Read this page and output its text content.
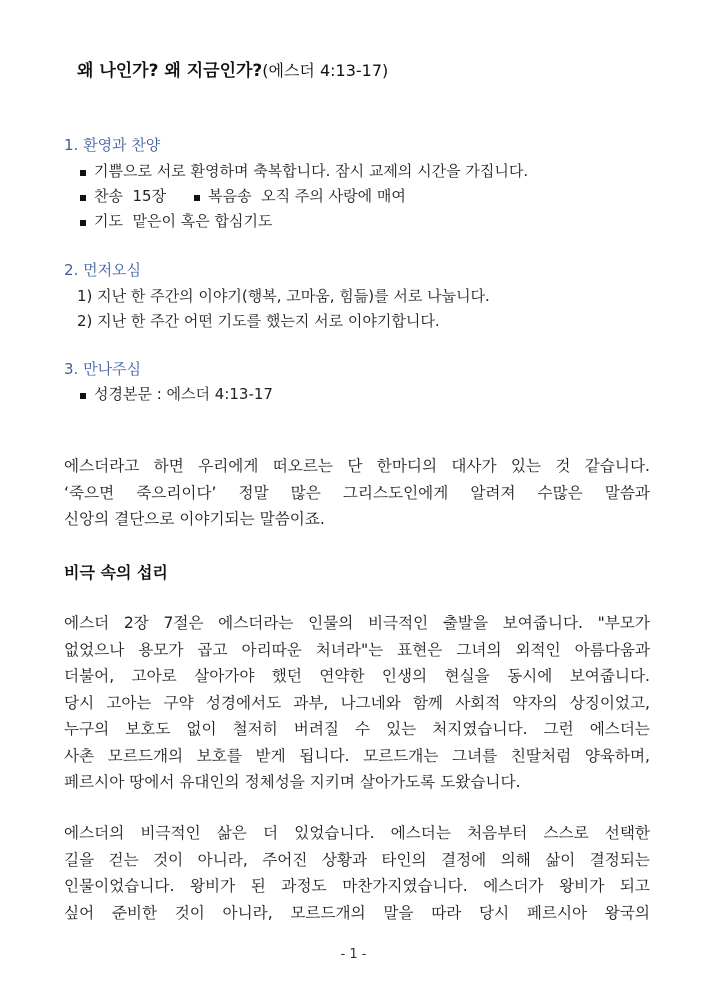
왜 나인가? 왜 지금인가?(에스더 4:13-17)
1. 환영과 찬양
기쁨으로 서로 환영하며 축복합니다. 잠시 교제의 시간을 가집니다.
찬송  15장	복음송  오직 주의 사랑에 매여
기도  맡은이 혹은 합심기도
2. 먼저오심
1) 지난 한 주간의 이야기(행복, 고마움, 힘듦)를 서로 나눕니다.
2) 지난 한 주간 어떤 기도를 했는지 서로 이야기합니다.
3. 만나주심
성경본문 : 에스더 4:13-17
에스더라고 하면 우리에게 떠오르는 단 한마디의 대사가 있는 것 같습니다.
‘죽으면 죽으리이다’ 정말 많은 그리스도인에게 알려져 수많은 말씀과
신앙의 결단으로 이야기되는 말씀이죠.
비극 속의 섭리
에스더 2장 7절은 에스더라는 인물의 비극적인 출발을 보여줍니다. "부모가
없었으나 용모가 곱고 아리따운 처녀라"는 표현은 그녀의 외적인 아름다움과
더불어, 고아로 살아가야 했던 연약한 인생의 현실을 동시에 보여줍니다.
당시 고아는 구약 성경에서도 과부, 나그네와 함께 사회적 약자의 상징이었고,
누구의 보호도 없이 철저히 버려질 수 있는 처지였습니다. 그런 에스더는
사촌 모르드개의 보호를 받게 됩니다. 모르드개는 그녀를 친딸처럼 양육하며,
페르시아 땅에서 유대인의 정체성을 지키며 살아가도록 도왔습니다.
에스더의 비극적인 삶은 더 있었습니다. 에스더는 처음부터 스스로 선택한
길을 걷는 것이 아니라, 주어진 상황과 타인의 결정에 의해 삶이 결정되는
인물이었습니다. 왕비가 된 과정도 마찬가지였습니다. 에스더가 왕비가 되고
싶어 준비한 것이 아니라, 모르드개의 말을 따라 당시 페르시아 왕국의
- 1 -
